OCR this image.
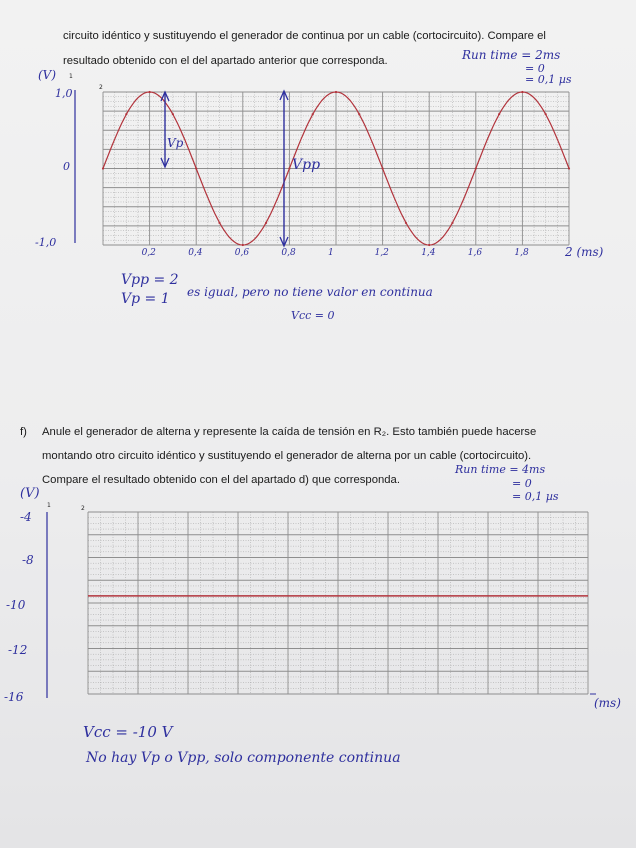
circuito idéntico y sustituyendo el generador de continua por un cable (cortocircuito). Compare el
resultado obtenido con el del apartado anterior que corresponda.	Run time = 2ms
= 0
= 0,1 µs
(V) 1
2
1,0
0
-1,0
Vp
Vpp
0,2	0,4	0,6	0,8	1	1,2	1,4	1,6	1,8	2 (ms)
Vpp = 2
Vp = 1 es igual, pero no tiene valor en continua
Vcc = 0
f) Anule el generador de alterna y represente la caída de tensión en R₂. Esto también puede hacerse
montando otro circuito idéntico y sustituyendo el generador de alterna por un cable (cortocircuito).
Compare el resultado obtenido con el del apartado d) que corresponda.
Run time = 4ms
= 0
= 0,1 µs
(V)
1	2
-4
-8
-10
-12
-16	(ms)
Vcc = -10 V
No hay Vp o Vpp, solo componente continua
